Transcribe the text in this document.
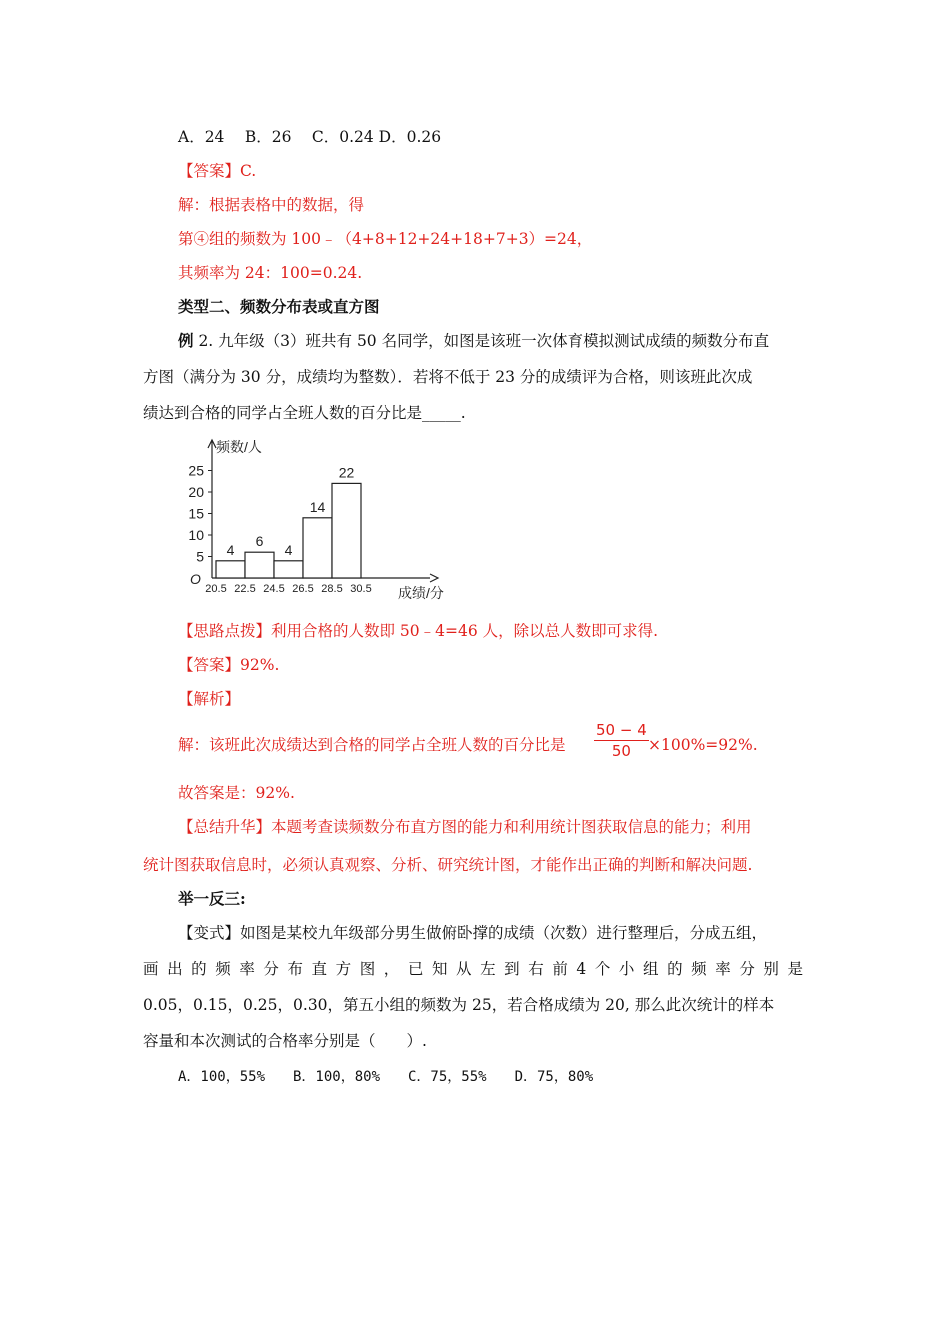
A．24　 B．26　 C．0.24 D．0.26
【答案】C.
解：根据表格中的数据，得
第④组的频数为 100﹣（4+8+12+24+18+7+3）=24，
其频率为 24：100=0.24.
类型二、频数分布表或直方图
例 2. 九年级（3）班共有 50 名同学，如图是该班一次体育模拟测试成绩的频数分布直
方图（满分为 30 分，成绩均为整数）．若将不低于 23 分的成绩评为合格，则该班此次成
绩达到合格的同学占全班人数的百分比是_____.
频数/人
成绩/分
O
5
10
15
20
25
4
6
4
14
22
20.5 22.5 24.5 26.5 28.5 30.5
【思路点拨】利用合格的人数即 50﹣4=46 人，除以总人数即可求得.
【答案】92%.
【解析】
解：该班此次成绩达到合格的同学占全班人数的百分比是 $\frac{50 - 4}{50} \times 100\%=92\%$.
故答案是：92%.
【总结升华】本题考查读频数分布直方图的能力和利用统计图获取信息的能力；利用
统计图获取信息时，必须认真观察、分析、研究统计图，才能作出正确的判断和解决问题.
举一反三:
【变式】如图是某校九年级部分男生做俯卧撑的成绩（次数）进行整理后，分成五组，
画 出 的 频 率 分 布 直 方 图 ， 已 知 从 左 到 右 前 4 个 小 组 的 频 率 分 别 是
0.05，0.15，0.25，0.30，第五小组的频数为 25，若合格成绩为 20, 那么此次统计的样本
容量和本次测试的合格率分别是（　　）.
A．100，55%　　B．100，80%　　C．75，55%　　D．75，80%
